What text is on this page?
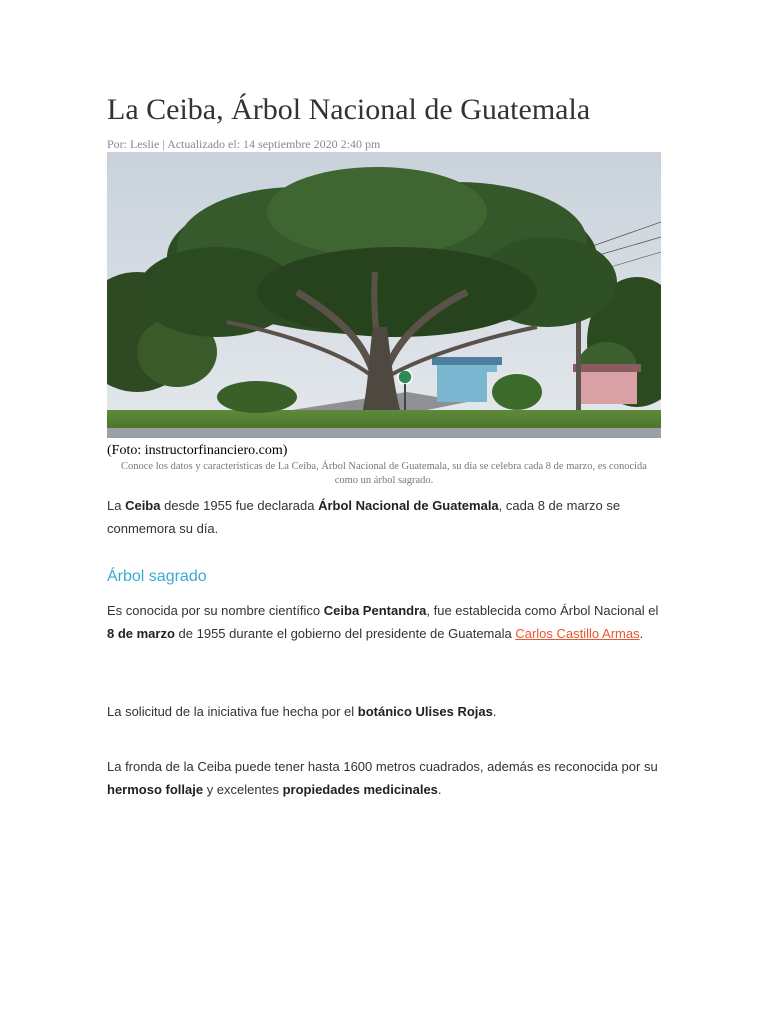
La Ceiba, Árbol Nacional de Guatemala
Por: Leslie | Actualizado el: 14 septiembre 2020 2:40 pm
(Foto: instructorfinanciero.com)
Conoce los datos y características de La Ceiba, Árbol Nacional de Guatemala, su día se celebra cada 8 de marzo, es conocida como un árbol sagrado.

La Ceiba desde 1955 fue declarada Árbol Nacional de Guatemala, cada 8 de marzo se conmemora su día.

Árbol sagrado

Es conocida por su nombre científico Ceiba Pentandra, fue establecida como Árbol Nacional el 8 de marzo de 1955 durante el gobierno del presidente de Guatemala Carlos Castillo Armas.

La solicitud de la iniciativa fue hecha por el botánico Ulises Rojas.

La fronda de la Ceiba puede tener hasta 1600 metros cuadrados, además es reconocida por su hermoso follaje y excelentes propiedades medicinales.
